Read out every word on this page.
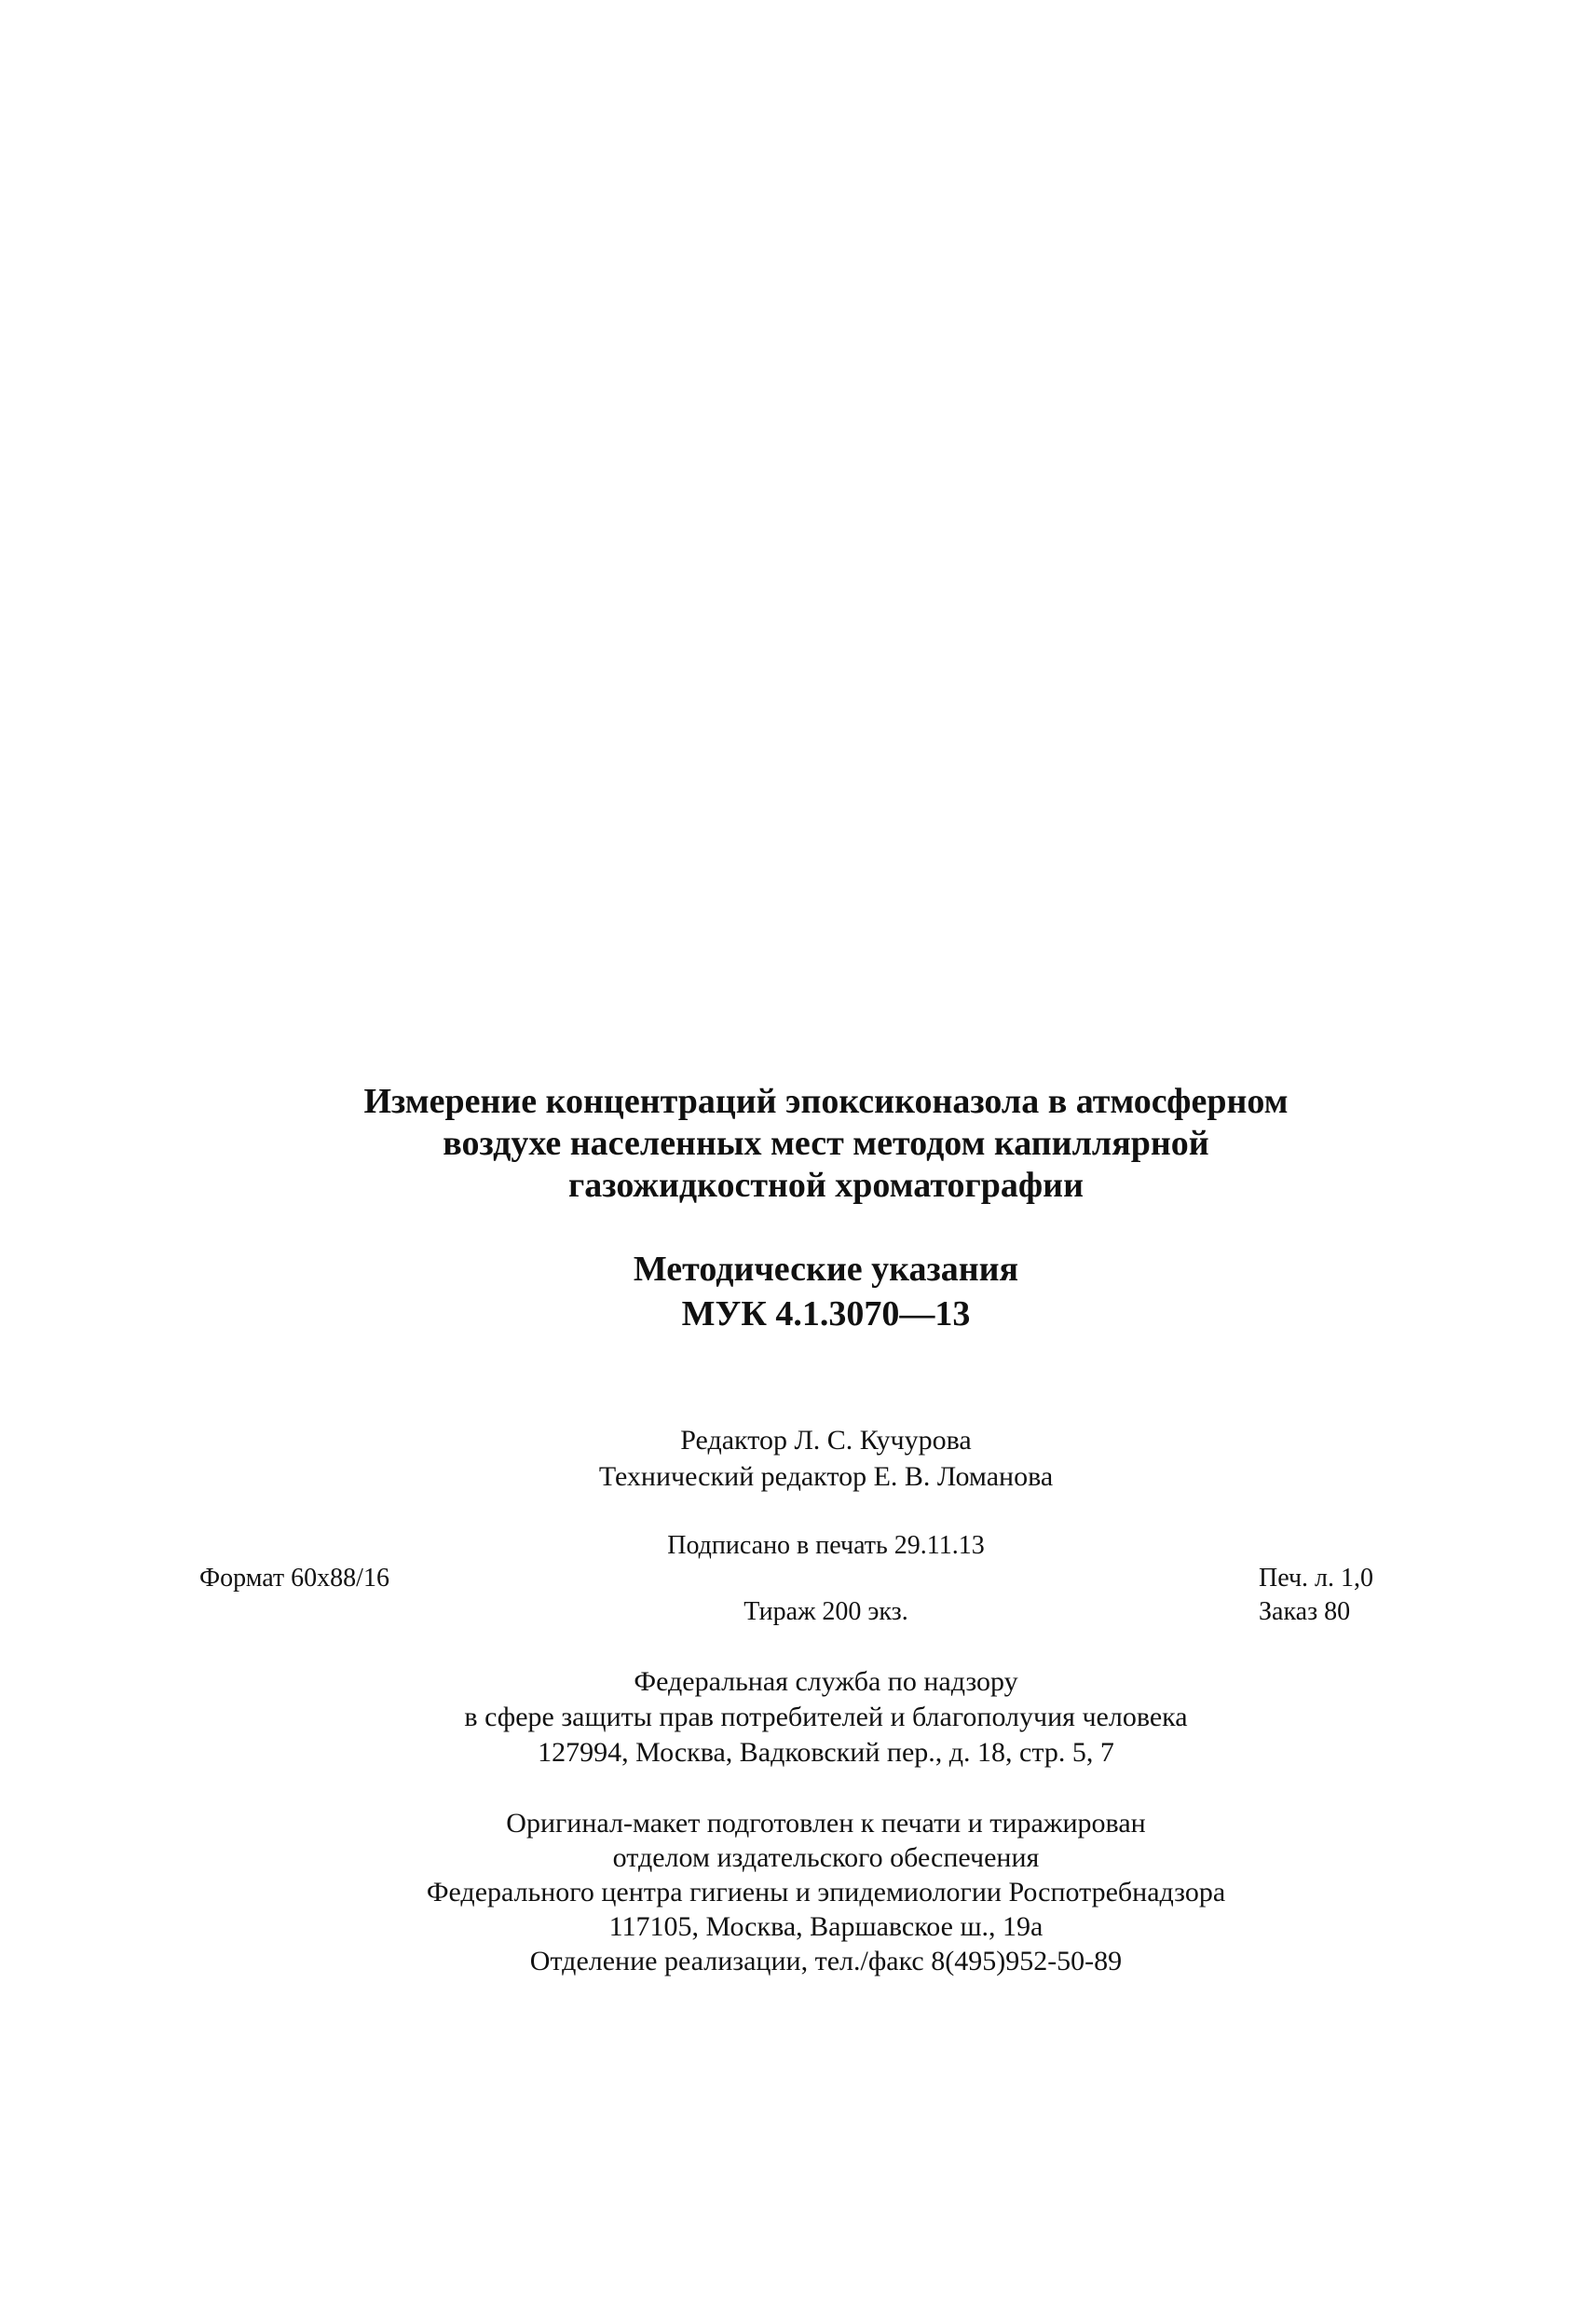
Измерение концентраций эпоксиконазола в атмосферном
воздухе населенных мест методом капиллярной
газожидкостной хроматографии
Методические указания
МУК 4.1.3070—13
Редактор Л. С. Кучурова
Технический редактор Е. В. Ломанова
Подписано в печать 29.11.13
Формат 60x88/16	Печ. л. 1,0
Тираж 200 экз.	Заказ 80
Федеральная служба по надзору
в сфере защиты прав потребителей и благополучия человека
127994, Москва, Вадковский пер., д. 18, стр. 5, 7
Оригинал-макет подготовлен к печати и тиражирован
отделом издательского обеспечения
Федерального центра гигиены и эпидемиологии Роспотребнадзора
117105, Москва, Варшавское ш., 19а
Отделение реализации, тел./факс 8(495)952-50-89
